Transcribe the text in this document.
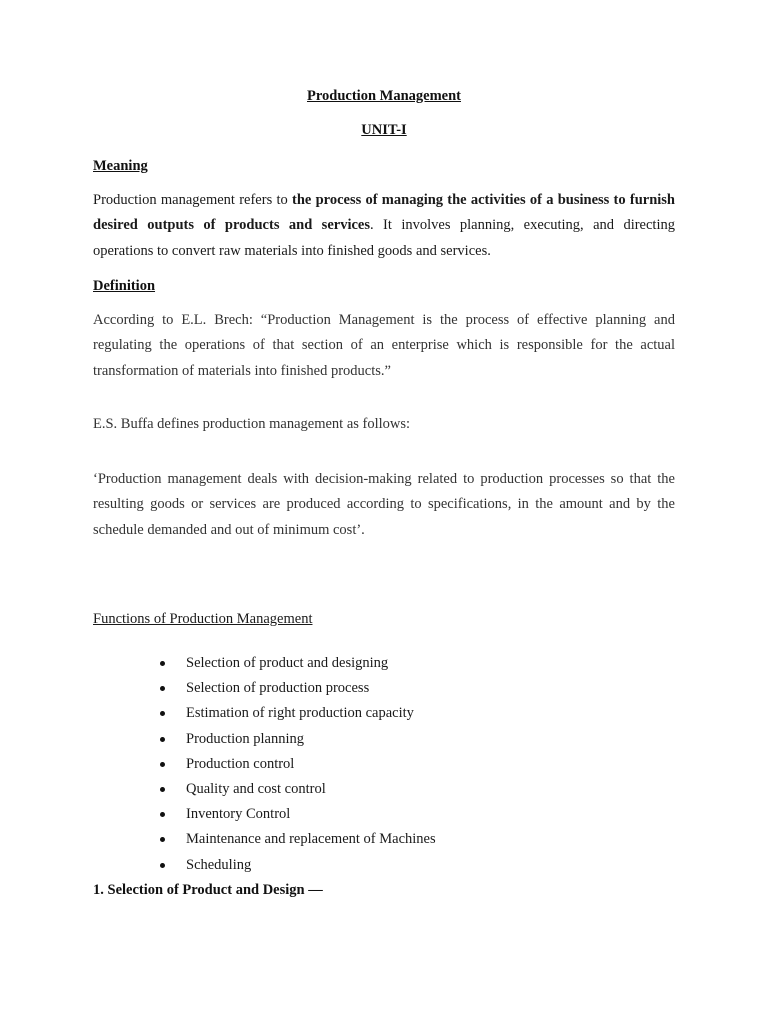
Production Management

UNIT-I

Meaning

Production management refers to the process of managing the activities of a business to furnish desired outputs of products and services. It involves planning, executing, and directing operations to convert raw materials into finished goods and services.

Definition

According to E.L. Brech: “Production Management is the process of effective planning and regulating the operations of that section of an enterprise which is responsible for the actual transformation of materials into finished products.”

E.S. Buffa defines production management as follows:

‘Production management deals with decision-making related to production processes so that the resulting goods or services are produced according to specifications, in the amount and by the schedule demanded and out of minimum cost’.

Functions of Production Management

Selection of product and designing
Selection of production process
Estimation of right production capacity
Production planning
Production control
Quality and cost control
Inventory Control
Maintenance and replacement of Machines
Scheduling

1. Selection of Product and Design —
